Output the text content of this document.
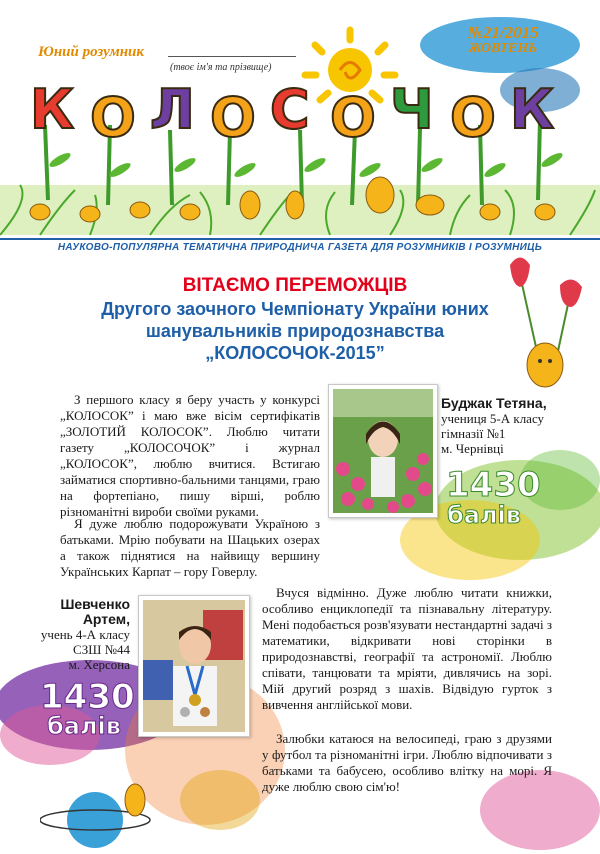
Юний розумник
(твоє ім'я та прізвище)
№21/2015
ЖОВТЕНЬ
К О Л О С О Ч О К
НАУКОВО-ПОПУЛЯРНА ТЕМАТИЧНА ПРИРОДНИЧА ГАЗЕТА ДЛЯ РОЗУМНИКІВ І РОЗУМНИЦЬ
ВІТАЄМО ПЕРЕМОЖЦІВ
Другого заочного Чемпіонату України юних
шанувальників природознавства
„КОЛОСОЧОК-2015”
З першого класу я беру участь у конкурсі „КОЛОСОК” і маю вже вісім сертифікатів „ЗОЛОТИЙ КОЛОСОК”. Люблю читати газету „КОЛОСОЧОК” і журнал „КОЛОСОК”, люблю вчитися. Встигаю займатися спортивно-бальними танцями, граю на фортепіано, пишу вірші, роблю різноманітні вироби своїми руками.
Я дуже люблю подорожувати Україною з батьками. Мрію побувати на Шацьких озерах а також піднятися на найвищу вершину Українських Карпат – гору Говерлу.
Буджак Тетяна,
учениця 5-А класу
гімназії №1
м. Чернівці
1430
балів
Шевченко
Артем,
учень 4-А класу
СЗШ №44
м. Херсона
1430
балів
Вчуся відмінно. Дуже люблю читати книжки, особливо енциклопедії та пізнавальну літературу. Мені подобається розв'язувати нестандартні задачі з математики, відкривати нові сторінки в природознавстві, географії та астрономії. Люблю співати, танцювати та мріяти, дивлячись на зорі. Мій другий розряд з шахів. Відвідую гурток з вивчення англійської мови.
Залюбки катаюся на велосипеді, граю з друзями у футбол та різноманітні ігри. Люблю відпочивати з батьками та бабусею, особливо влітку на морі. Я дуже люблю свою сім'ю!
